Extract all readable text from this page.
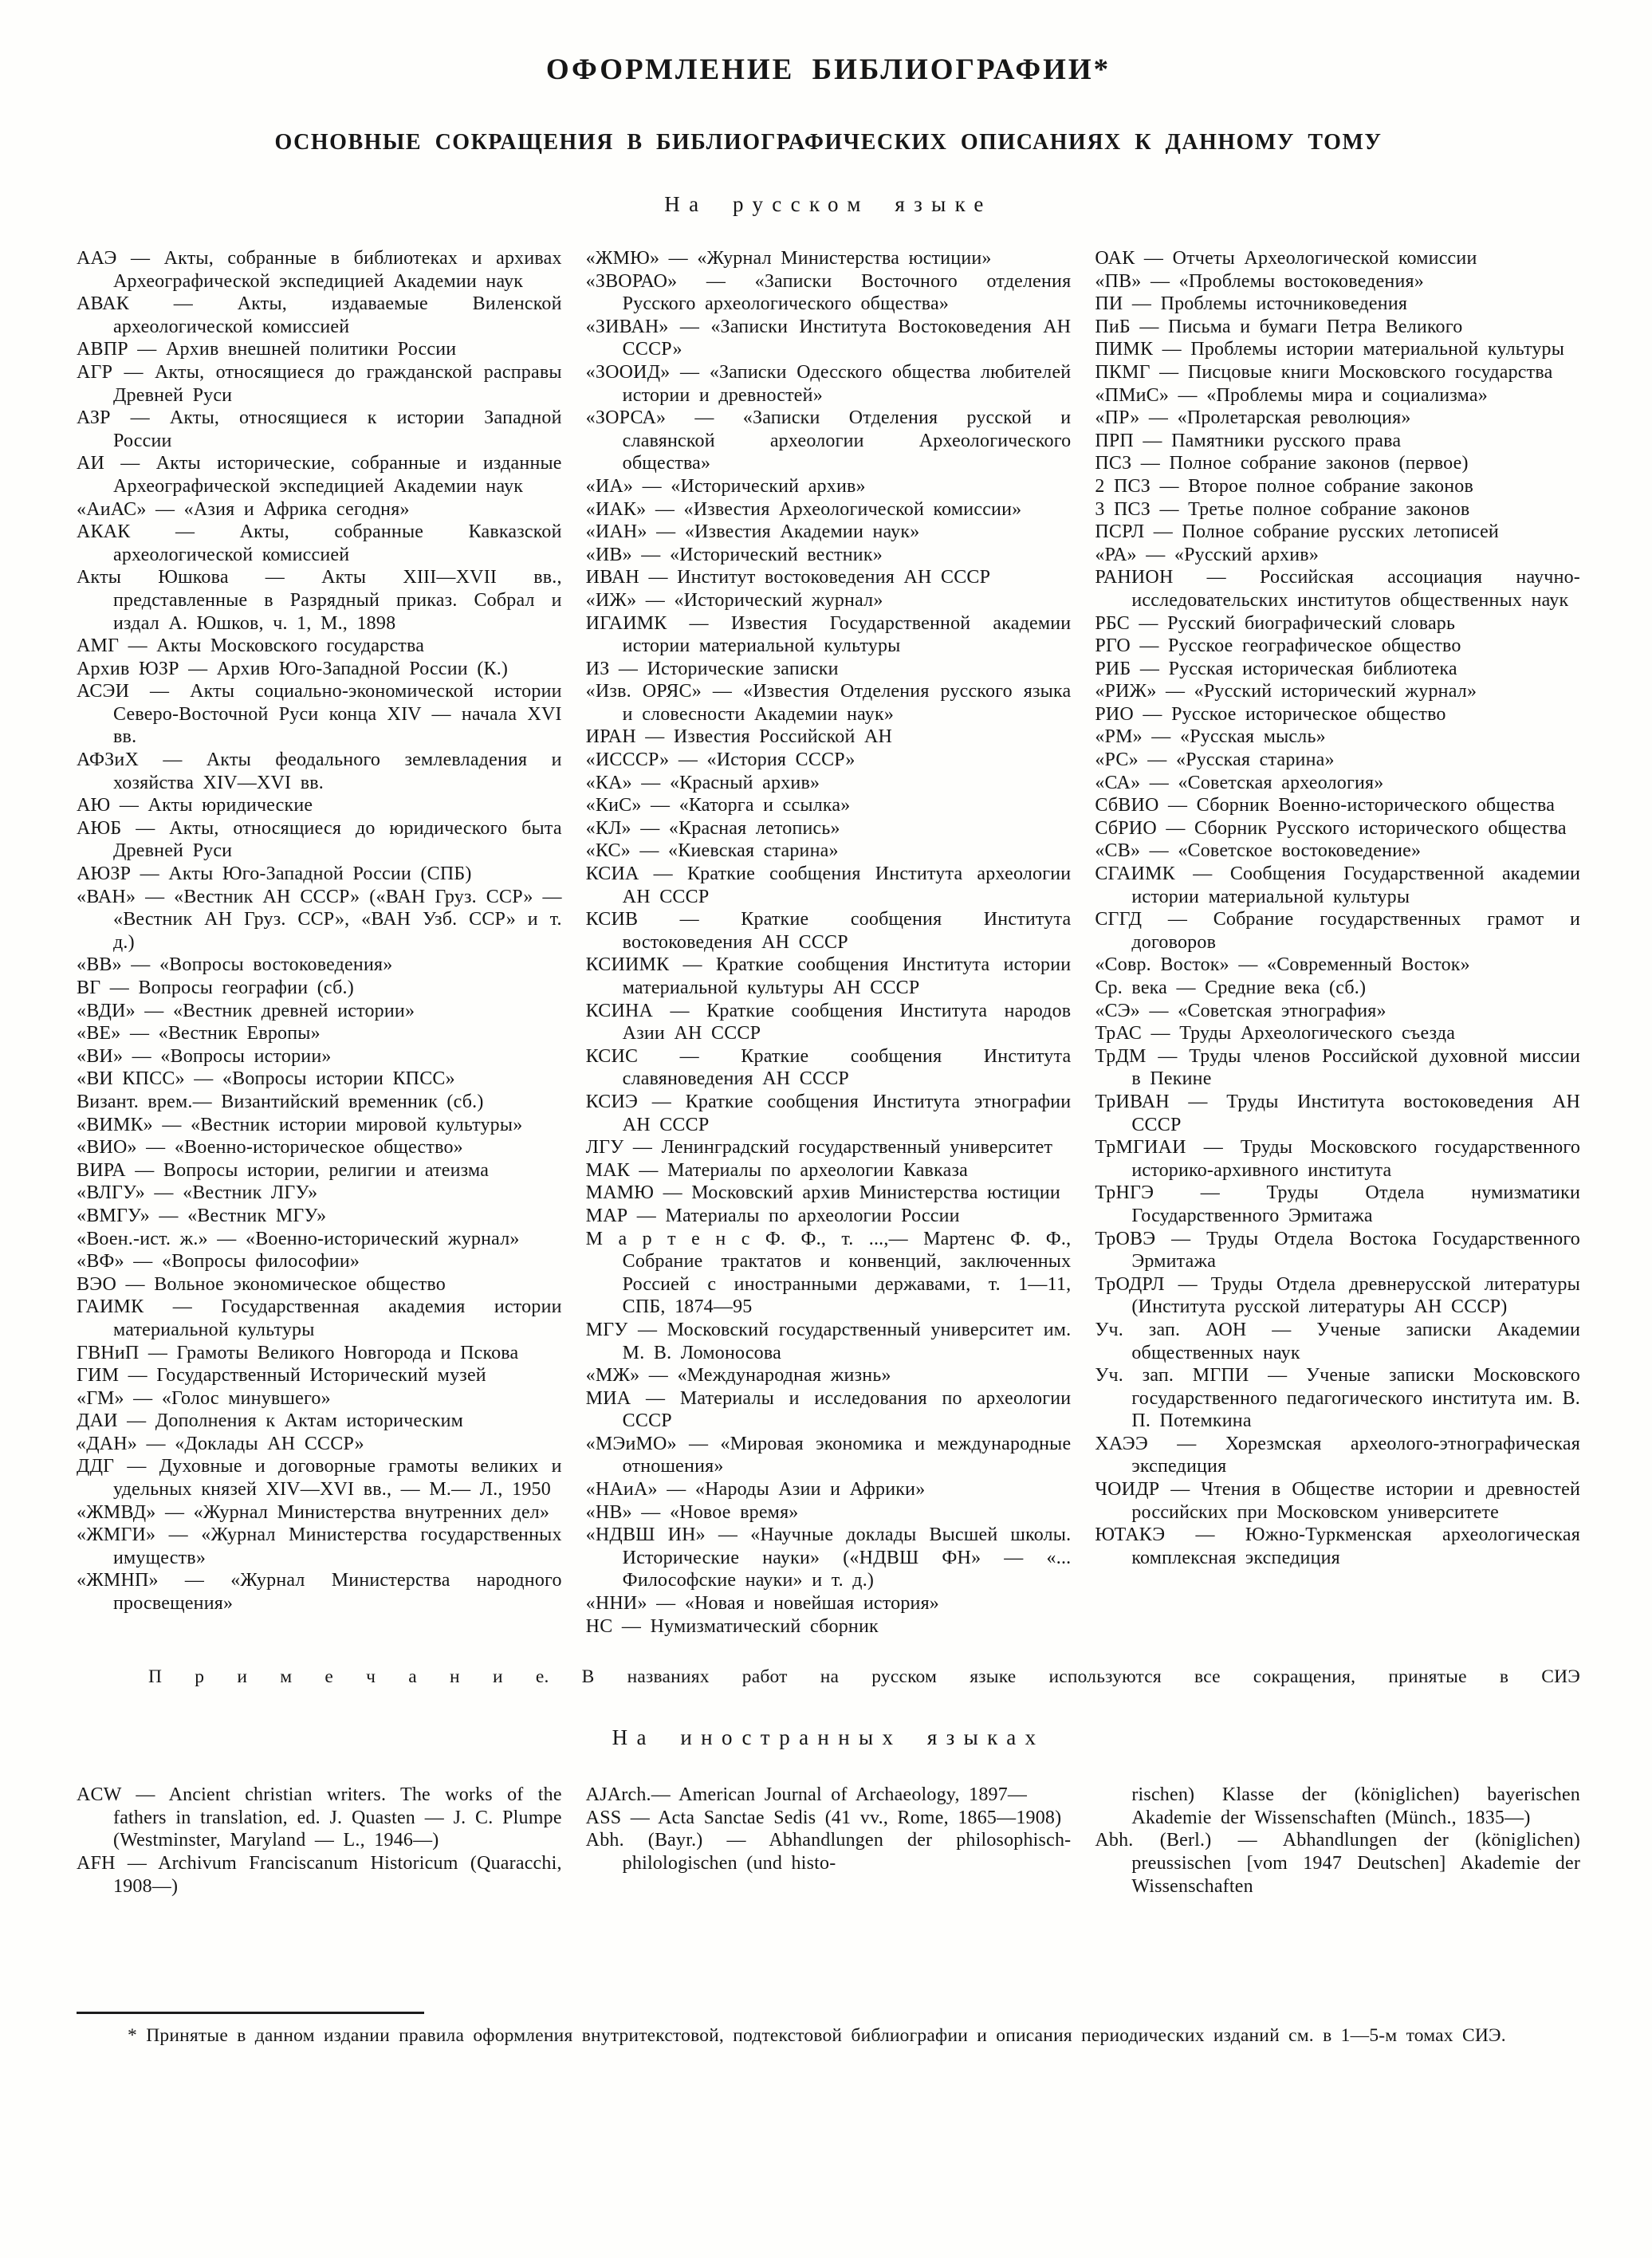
ОФОРМЛЕНИЕ БИБЛИОГРАФИИ*
ОСНОВНЫЕ СОКРАЩЕНИЯ В БИБЛИОГРАФИЧЕСКИХ ОПИСАНИЯХ К ДАННОМУ ТОМУ
На русском языке

ААЭ — Акты, собранные в библиотеках и архивах Археографической экспедицией Академии наук

АВАК — Акты, издаваемые Виленской археологической комиссией

АВПР — Архив внешней политики России

АГР — Акты, относящиеся до гражданской расправы Древней Руси

АЗР — Акты, относящиеся к истории Западной России

АИ — Акты исторические, собранные и изданные Археографической экспедицией Академии наук

«АиАС» — «Азия и Африка сегодня»

АКАК — Акты, собранные Кавказской археологической комиссией

Акты Юшкова — Акты XIII—XVII вв., представленные в Разрядный приказ. Собрал и издал А. Юшков, ч. 1, М., 1898

АМГ — Акты Московского государства

Архив ЮЗР — Архив Юго-Западной России (К.)

АСЭИ — Акты социально-экономической истории Северо-Восточной Руси конца XIV — начала XVI вв.

АФЗиХ — Акты феодального землевладения и хозяйства XIV—XVI вв.

АЮ — Акты юридические

АЮБ — Акты, относящиеся до юридического быта Древней Руси

АЮЗР — Акты Юго-Западной России (СПБ)

«ВАН» — «Вестник АН СССР» («ВАН Груз. ССР» — «Вестник АН Груз. ССР», «ВАН Узб. ССР» и т. д.)

«ВВ» — «Вопросы востоковедения»

ВГ — Вопросы географии (сб.)

«ВДИ» — «Вестник древней истории»

«ВЕ» — «Вестник Европы»

«ВИ» — «Вопросы истории»

«ВИ КПСС» — «Вопросы истории КПСС»

Визант. врем.— Византийский временник (сб.)

«ВИМК» — «Вестник истории мировой культуры»

«ВИО» — «Военно-историческое общество»

ВИРА — Вопросы истории, религии и атеизма

«ВЛГУ» — «Вестник ЛГУ»

«ВМГУ» — «Вестник МГУ»

«Воен.-ист. ж.» — «Военно-исторический журнал»

«ВФ» — «Вопросы философии»

ВЭО — Вольное экономическое общество

ГАИМК — Государственная академия истории материальной культуры

ГВНиП — Грамоты Великого Новгорода и Пскова

ГИМ — Государственный Исторический музей

«ГМ» — «Голос минувшего»

ДАИ — Дополнения к Актам историческим

«ДАН» — «Доклады АН СССР»

ДДГ — Духовные и договорные грамоты великих и удельных князей XIV—XVI вв., — М.— Л., 1950

«ЖМВД» — «Журнал Министерства внутренних дел»

«ЖМГИ» — «Журнал Министерства государственных имуществ»

«ЖМНП» — «Журнал Министерства народного просвещения»

«ЖМЮ» — «Журнал Министерства юстиции»

«ЗВОРАО» — «Записки Восточного отделения Русского археологического общества»

«ЗИВАН» — «Записки Института Востоковедения АН СССР»

«ЗООИД» — «Записки Одесского общества любителей истории и древностей»

«ЗОРСА» — «Записки Отделения русской и славянской археологии Археологического общества»

«ИА» — «Исторический архив»

«ИАК» — «Известия Археологической комиссии»

«ИАН» — «Известия Академии наук»

«ИВ» — «Исторический вестник»

ИВАН — Институт востоковедения АН СССР

«ИЖ» — «Исторический журнал»

ИГАИМК — Известия Государственной академии истории материальной культуры

ИЗ — Исторические записки

«Изв. ОРЯС» — «Известия Отделения русского языка и словесности Академии наук»

ИРАН — Известия Российской АН

«ИСССР» — «История СССР»

«КА» — «Красный архив»

«КиС» — «Каторга и ссылка»

«КЛ» — «Красная летопись»

«КС» — «Киевская старина»

КСИА — Краткие сообщения Института археологии АН СССР

КСИВ — Краткие сообщения Института востоковедения АН СССР

КСИИМК — Краткие сообщения Института истории материальной культуры АН СССР

КСИНА — Краткие сообщения Института народов Азии АН СССР

КСИС — Краткие сообщения Института славяноведения АН СССР

КСИЭ — Краткие сообщения Института этнографии АН СССР

ЛГУ — Ленинградский государственный университет

МАК — Материалы по археологии Кавказа

МАМЮ — Московский архив Министерства юстиции

МАР — Материалы по археологии России

М а р т е н с Ф. Ф., т. ...,— Мартенс Ф. Ф., Собрание трактатов и конвенций, заключенных Россией с иностранными державами, т. 1—11, СПБ, 1874—95

МГУ — Московский государственный университет им. М. В. Ломоносова

«МЖ» — «Международная жизнь»

МИА — Материалы и исследования по археологии СССР

«МЭиМО» — «Мировая экономика и международные отношения»

«НАиА» — «Народы Азии и Африки»

«НВ» — «Новое время»

«НДВШ ИН» — «Научные доклады Высшей школы. Исторические науки» («НДВШ ФН» — «... Философские науки» и т. д.)

«ННИ» — «Новая и новейшая история»

НС — Нумизматический сборник

ОАК — Отчеты Археологической комиссии

«ПВ» — «Проблемы востоковедения»

ПИ — Проблемы источниковедения

ПиБ — Письма и бумаги Петра Великого

ПИМК — Проблемы истории материальной культуры

ПКМГ — Писцовые книги Московского государства

«ПМиС» — «Проблемы мира и социализма»

«ПР» — «Пролетарская революция»

ПРП — Памятники русского права

ПСЗ — Полное собрание законов (первое)

2 ПСЗ — Второе полное собрание законов

3 ПСЗ — Третье полное собрание законов

ПСРЛ — Полное собрание русских летописей

«РА» — «Русский архив»

РАНИОН — Российская ассоциация научно-исследовательских институтов общественных наук

РБС — Русский биографический словарь

РГО — Русское географическое общество

РИБ — Русская историческая библиотека

«РИЖ» — «Русский исторический журнал»

РИО — Русское историческое общество

«РМ» — «Русская мысль»

«РС» — «Русская старина»

«СА» — «Советская археология»

СбВИО — Сборник Военно-исторического общества

СбРИО — Сборник Русского исторического общества

«СВ» — «Советское востоковедение»

СГАИМК — Сообщения Государственной академии истории материальной культуры

СГГД — Собрание государственных грамот и договоров

«Совр. Восток» — «Современный Восток»

Ср. века — Средние века (сб.)

«СЭ» — «Советская этнография»

ТрАС — Труды Археологического съезда

ТрДМ — Труды членов Российской духовной миссии в Пекине

ТрИВАН — Труды Института востоковедения АН СССР

ТрМГИАИ — Труды Московского государственного историко-архивного института

ТрНГЭ — Труды Отдела нумизматики Государственного Эрмитажа

ТрОВЭ — Труды Отдела Востока Государственного Эрмитажа

ТрОДРЛ — Труды Отдела древнерусской литературы (Института русской литературы АН СССР)

Уч. зап. АОН — Ученые записки Академии общественных наук

Уч. зап. МГПИ — Ученые записки Московского государственного педагогического института им. В. П. Потемкина

ХАЭЭ — Хорезмская археолого-этнографическая экспедиция

ЧОИДР — Чтения в Обществе истории и древностей российских при Московском университете

ЮТАКЭ — Южно-Туркменская археологическая комплексная экспедиция

П р и м е ч а н и е. В названиях работ на русском языке используются все сокращения, принятые в СИЭ

На иностранных языках

ACW — Ancient christian writers. The works of the fathers in translation, ed. J. Quasten — J. C. Plumpe (Westminster, Maryland — L., 1946—)

AFH — Archivum Franciscanum Historicum (Quaracchi, 1908—)

AJArch.— American Journal of Archaeology, 1897—

ASS — Acta Sanctae Sedis (41 vv., Rome, 1865—1908)

Abh. (Bayr.) — Abhandlungen der philosophisch-philologischen (und histo-

rischen) Klasse der (königlichen) bayerischen Akademie der Wissenschaften (Münch., 1835—)

Abh. (Berl.) — Abhandlungen der (königlichen) preussischen [vom 1947 Deutschen] Akademie der Wissenschaften

* Принятые в данном издании правила оформления внутритекстовой, подтекстовой библиографии и описания периодических изданий см. в 1—5-м томах СИЭ.
